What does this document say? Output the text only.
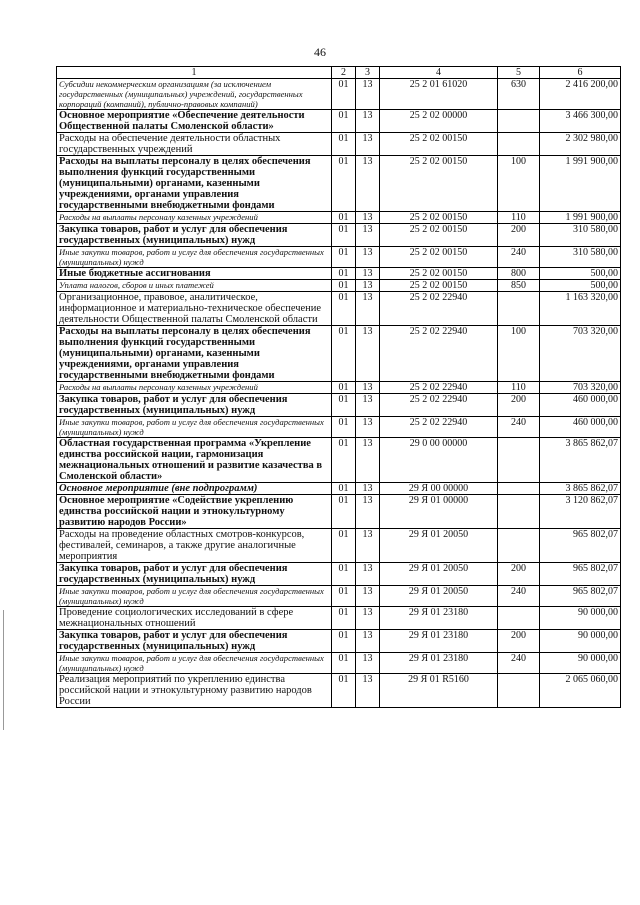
46
1	2	3	4	5	6
Субсидии некоммерческим организациям (за исключением государственных (муниципальных) учреждений, государственных корпораций (компаний), публично-правовых компаний)	01	13	25 2 01 61020	630	2 416 200,00
Основное мероприятие «Обеспечение деятельности Общественной палаты Смоленской области»	01	13	25 2 02 00000		3 466 300,00
Расходы на обеспечение деятельности областных государственных учреждений	01	13	25 2 02 00150		2 302 980,00
Расходы на выплаты персоналу в целях обеспечения выполнения функций государственными (муниципальными) органами, казенными учреждениями, органами управления государственными внебюджетными фондами	01	13	25 2 02 00150	100	1 991 900,00
Расходы на выплаты персоналу казенных учреждений	01	13	25 2 02 00150	110	1 991 900,00
Закупка товаров, работ и услуг для обеспечения государственных (муниципальных) нужд	01	13	25 2 02 00150	200	310 580,00
Иные закупки товаров, работ и услуг для обеспечения государственных (муниципальных) нужд	01	13	25 2 02 00150	240	310 580,00
Иные бюджетные ассигнования	01	13	25 2 02 00150	800	500,00
Уплата налогов, сборов и иных платежей	01	13	25 2 02 00150	850	500,00
Организационное, правовое, аналитическое, информационное и материально-техническое обеспечение деятельности Общественной палаты Смоленской области	01	13	25 2 02 22940		1 163 320,00
Расходы на выплаты персоналу в целях обеспечения выполнения функций государственными (муниципальными) органами, казенными учреждениями, органами управления государственными внебюджетными фондами	01	13	25 2 02 22940	100	703 320,00
Расходы на выплаты персоналу казенных учреждений	01	13	25 2 02 22940	110	703 320,00
Закупка товаров, работ и услуг для обеспечения государственных (муниципальных) нужд	01	13	25 2 02 22940	200	460 000,00
Иные закупки товаров, работ и услуг для обеспечения государственных (муниципальных) нужд	01	13	25 2 02 22940	240	460 000,00
Областная государственная программа «Укрепление единства российской нации, гармонизация межнациональных отношений и развитие казачества в Смоленской области»	01	13	29 0 00 00000		3 865 862,07
Основное мероприятие (вне подпрограмм)	01	13	29 Я 00 00000		3 865 862,07
Основное мероприятие «Содействие укреплению единства российской нации и этнокультурному развитию народов России»	01	13	29 Я 01 00000		3 120 862,07
Расходы на проведение областных смотров-конкурсов, фестивалей, семинаров, а также другие аналогичные мероприятия	01	13	29 Я 01 20050		965 802,07
Закупка товаров, работ и услуг для обеспечения государственных (муниципальных) нужд	01	13	29 Я 01 20050	200	965 802,07
Иные закупки товаров, работ и услуг для обеспечения государственных (муниципальных) нужд	01	13	29 Я 01 20050	240	965 802,07
Проведение социологических исследований в сфере межнациональных отношений	01	13	29 Я 01 23180		90 000,00
Закупка товаров, работ и услуг для обеспечения государственных (муниципальных) нужд	01	13	29 Я 01 23180	200	90 000,00
Иные закупки товаров, работ и услуг для обеспечения государственных (муниципальных) нужд	01	13	29 Я 01 23180	240	90 000,00
Реализация мероприятий по укреплению единства российской нации и этнокультурному развитию народов России	01	13	29 Я 01 R5160		2 065 060,00
